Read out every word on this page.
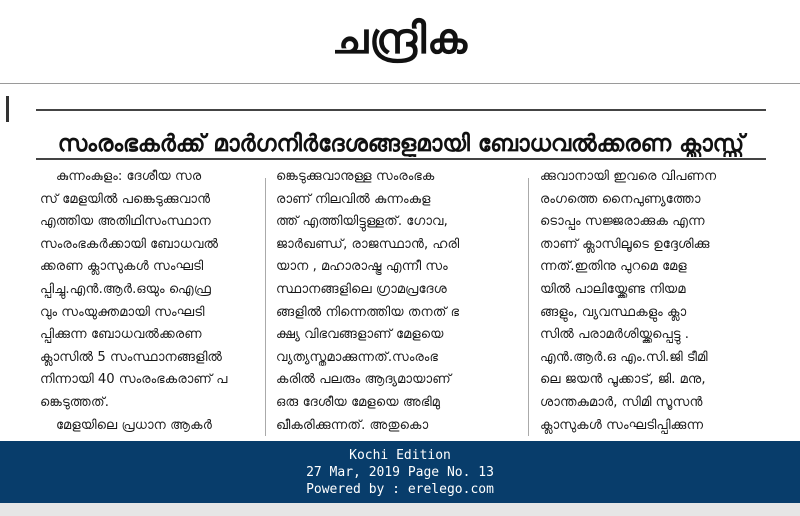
ചന്ദ്രിക
സംരംഭകർക്ക് മാർഗനിർദേശങ്ങളുമായി ബോധവൽക്കരണ ക്ലാസ്സ്

കുന്നംകുളം: ദേശീയ സര

സ് മേളയിൽ പങ്കെടുക്കുവാൻ

എത്തിയ അതിഥിസംസ്ഥാന

സംരംഭകർക്കായി ബോധവൽ

ക്കരണ ക്ലാസുകൾ സംഘടി

പ്പിച്ചു.എൻ.ആർ.ഒയും ഐഫ്ര

വും സംയുക്തമായി സംഘടി

പ്പിക്കുന്ന ബോധവൽക്കരണ

ക്ലാസിൽ 5 സംസ്ഥാനങ്ങളിൽ

നിന്നായി 40 സംരംഭകരാണ് പ

ങ്കെടുത്തത്.

മേളയിലെ പ്രധാന ആകർ

ങ്കെടുക്കുവാനുള്ള സംരംഭക

രാണ് നിലവിൽ കുന്നംകുള

ത്ത് എത്തിയിട്ടുള്ളത്. ഗോവ,

ജാർഖണ്ഡ്, രാജസ്ഥാൻ, ഹരി

യാന , മഹാരാഷ്ട്ര എന്നീ സം

സ്ഥാനങ്ങളിലെ ഗ്രാമപ്രദേശ

ങ്ങളിൽ നിന്നെത്തിയ തനത് ഭ

ക്ഷ്യ വിഭവങ്ങളാണ് മേളയെ

വ്യത്യസ്തമാക്കുന്നത്.സംരംഭ

കരിൽ പലരും ആദ്യമായാണ്

ഒരു ദേശീയ മേളയെ അഭിമു

ഖീകരിക്കുന്നത്. അതുകൊ

ക്കുവാനായി ഇവരെ വിപണന

രംഗത്തെ നൈപുണ്യത്തോ

ടൊപ്പം സജ്ജരാക്കുക എന്ന

താണ് ക്ലാസിലൂടെ ഉദ്ദേശിക്കു

ന്നത്.ഇതിനു പുറമെ മേള

യിൽ പാലിയ്ക്കേണ്ട നിയമ

ങ്ങളും, വ്യവസ്ഥകളും ക്ലാ

സിൽ പരാമർശിയ്ക്കപ്പെട്ടു .

എൻ.ആർ.ഒ എം.സി.ജി ടീമി

ലെ ജയൻ പൂക്കാട്, ജി. മനു,

ശാന്തകുമാർ, സിമി സൂസൻ

ക്ലാസുകൾ സംഘടിപ്പിക്കുന്ന

Kochi Edition
27 Mar, 2019 Page No. 13
Powered by : erelego.com
